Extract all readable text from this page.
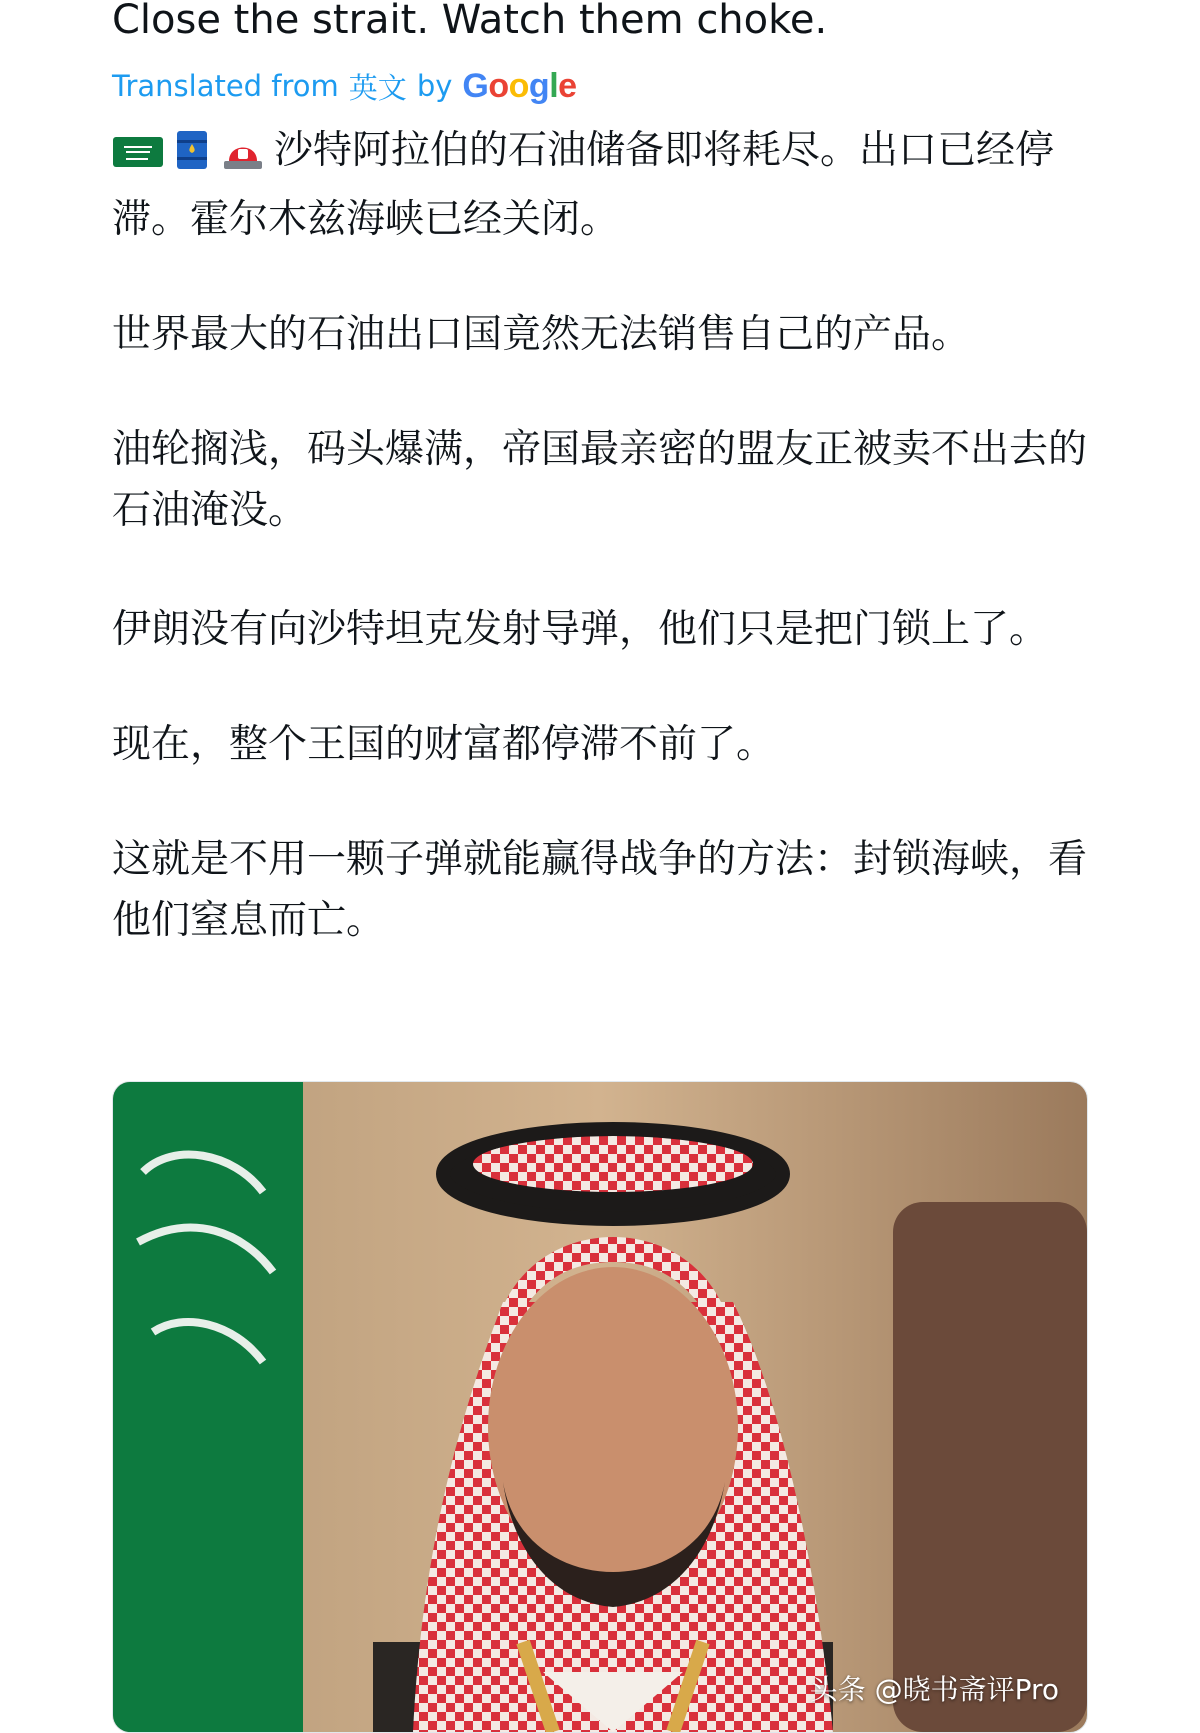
Close the strait. Watch them choke.

Translated from 英文 by G o o g l e

沙特阿拉伯的石油储备即将耗尽。出口已经停滞。霍尔木兹海峡已经关闭。

世界最大的石油出口国竟然无法销售自己的产品。

油轮搁浅，码头爆满，帝国最亲密的盟友正被卖不出去的石油淹没。

伊朗没有向沙特坦克发射导弹，他们只是把门锁上了。

现在，整个王国的财富都停滞不前了。

这就是不用一颗子弹就能赢得战争的方法：封锁海峡，看他们窒息而亡。

头条 @晓书斋评Pro
